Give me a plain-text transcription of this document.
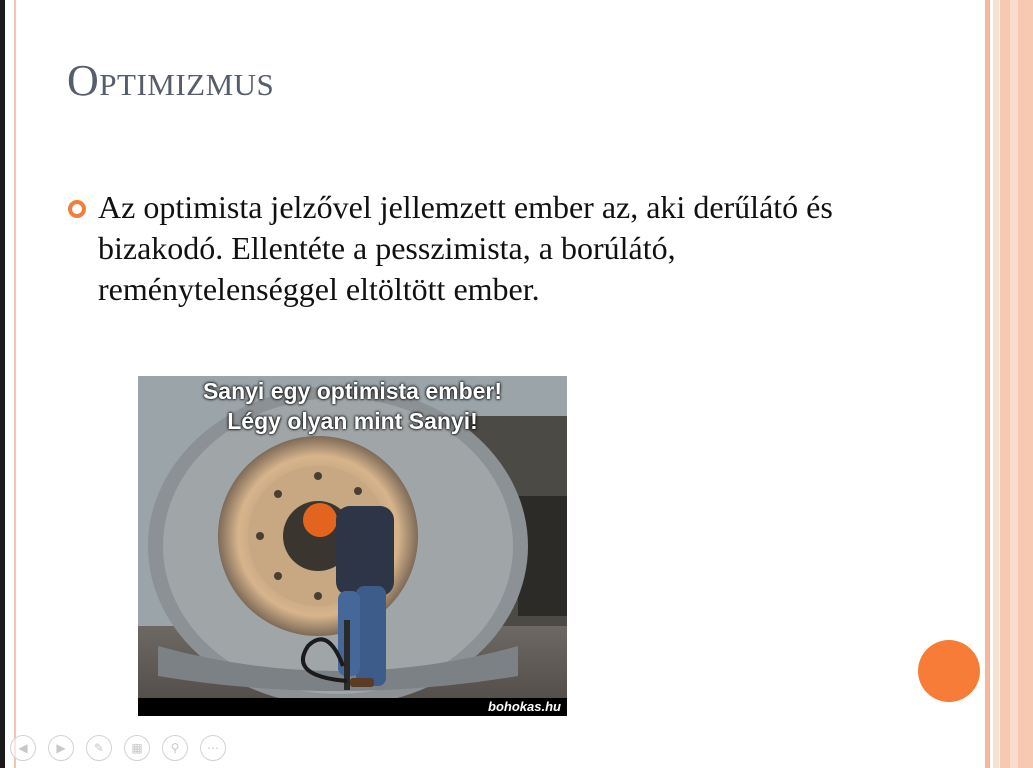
Optimizmus

Az optimista jelzővel jellemzett ember az, aki derűlátó és bizakodó. Ellentéte a pesszimista, a borúlátó, reménytelenséggel eltöltött ember.

Sanyi egy optimista ember!
Légy olyan mint Sanyi!
bohokas.hu
◀	▶	✎	▦	⚲	⋯
